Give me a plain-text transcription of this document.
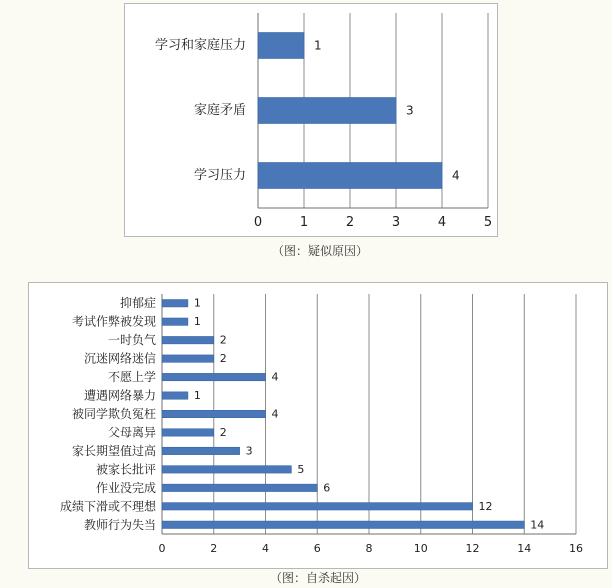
0	1	2	3	4	5
学习和家庭压力	1
家庭矛盾	3
学习压力	4
（图：疑似原因）
0	2	4	6	8	10	12	14	16
抑郁症	1
考试作弊被发现	1
一时负气	2
沉迷网络迷信	2
不愿上学	4
遭遇网络暴力	1
被同学欺负冤枉	4
父母离异	2
家长期望值过高	3
被家长批评	5
作业没完成	6
成绩下滑或不理想	12
教师行为失当	14
（图：自杀起因）
